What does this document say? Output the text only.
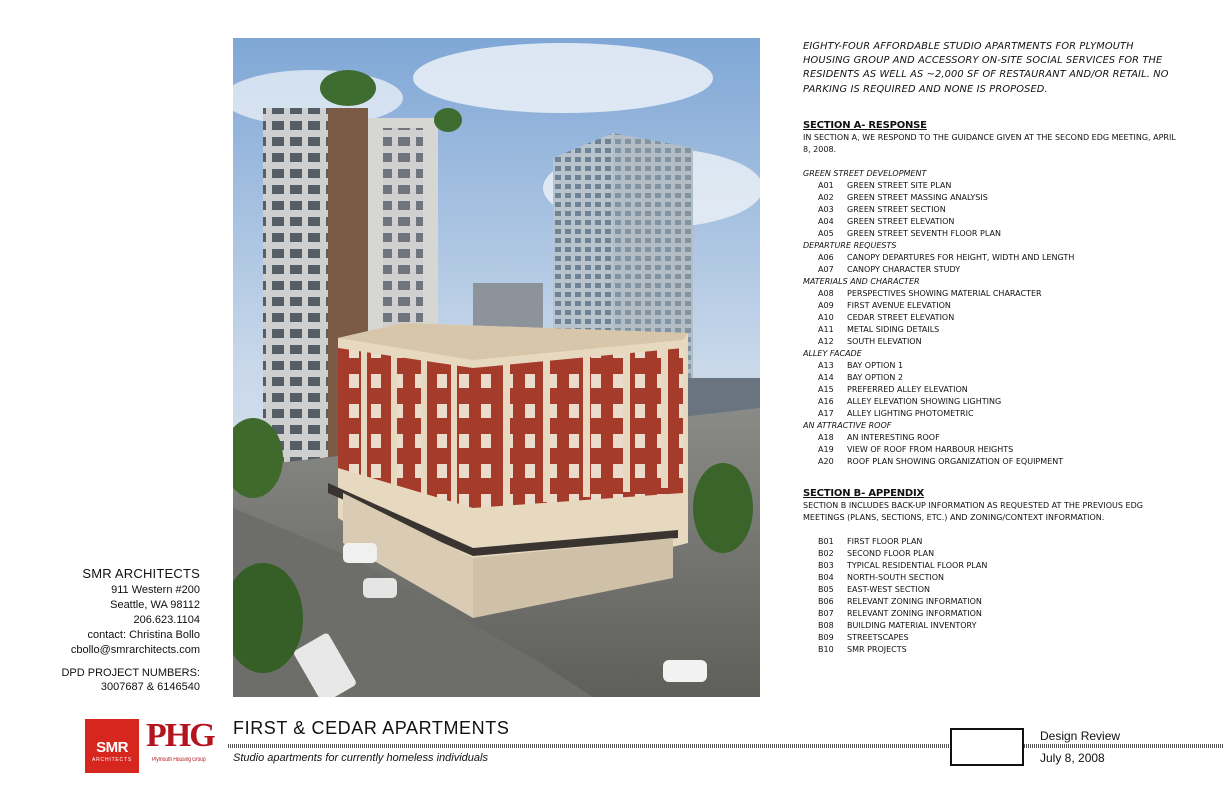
SMR ARCHITECTS
911 Western #200
Seattle, WA 98112
206.623.1104
contact: Christina Bollo
cbollo@smrarchitects.com
DPD PROJECT NUMBERS:
3007687 & 6146540
SMR
ARCHITECTS
PHG
Plymouth Housing Group

EIGHTY-FOUR AFFORDABLE STUDIO APARTMENTS FOR PLYMOUTH HOUSING GROUP AND ACCESSORY ON-SITE SOCIAL SERVICES FOR THE RESIDENTS AS WELL AS ~2,000 SF OF RESTAURANT AND/OR RETAIL. NO PARKING IS REQUIRED AND NONE IS PROPOSED.

SECTION A- RESPONSE
IN SECTION A, WE RESPOND TO THE GUIDANCE GIVEN AT THE SECOND EDG MEETING, APRIL 8, 2008.
GREEN STREET DEVELOPMENT
A01	GREEN STREET SITE PLAN
A02	GREEN STREET MASSING ANALYSIS
A03	GREEN STREET SECTION
A04	GREEN STREET ELEVATION
A05	GREEN STREET SEVENTH FLOOR PLAN
DEPARTURE REQUESTS
A06	CANOPY DEPARTURES FOR HEIGHT, WIDTH AND LENGTH
A07	CANOPY CHARACTER STUDY
MATERIALS AND CHARACTER
A08	PERSPECTIVES SHOWING MATERIAL CHARACTER
A09	FIRST AVENUE ELEVATION
A10	CEDAR STREET ELEVATION
A11	METAL SIDING DETAILS
A12	SOUTH ELEVATION
ALLEY FACADE
A13	BAY OPTION 1
A14	BAY OPTION 2
A15	PREFERRED ALLEY ELEVATION
A16	ALLEY ELEVATION SHOWING LIGHTING
A17	ALLEY LIGHTING PHOTOMETRIC
AN ATTRACTIVE ROOF
A18	AN INTERESTING ROOF
A19	VIEW OF ROOF FROM HARBOUR HEIGHTS
A20	ROOF PLAN SHOWING ORGANIZATION OF EQUIPMENT
SECTION B- APPENDIX
SECTION B INCLUDES BACK-UP INFORMATION AS REQUESTED AT THE PREVIOUS EDG MEETINGS (PLANS, SECTIONS, ETC.) AND ZONING/CONTEXT INFORMATION.
B01	FIRST FLOOR PLAN
B02	SECOND FLOOR PLAN
B03	TYPICAL RESIDENTIAL FLOOR PLAN
B04	NORTH-SOUTH SECTION
B05	EAST-WEST SECTION
B06	RELEVANT ZONING INFORMATION
B07	RELEVANT ZONING INFORMATION
B08	BUILDING MATERIAL INVENTORY
B09	STREETSCAPES
B10	SMR PROJECTS
FIRST & CEDAR APARTMENTS
Studio apartments for currently homeless individuals
Design Review
July 8, 2008
